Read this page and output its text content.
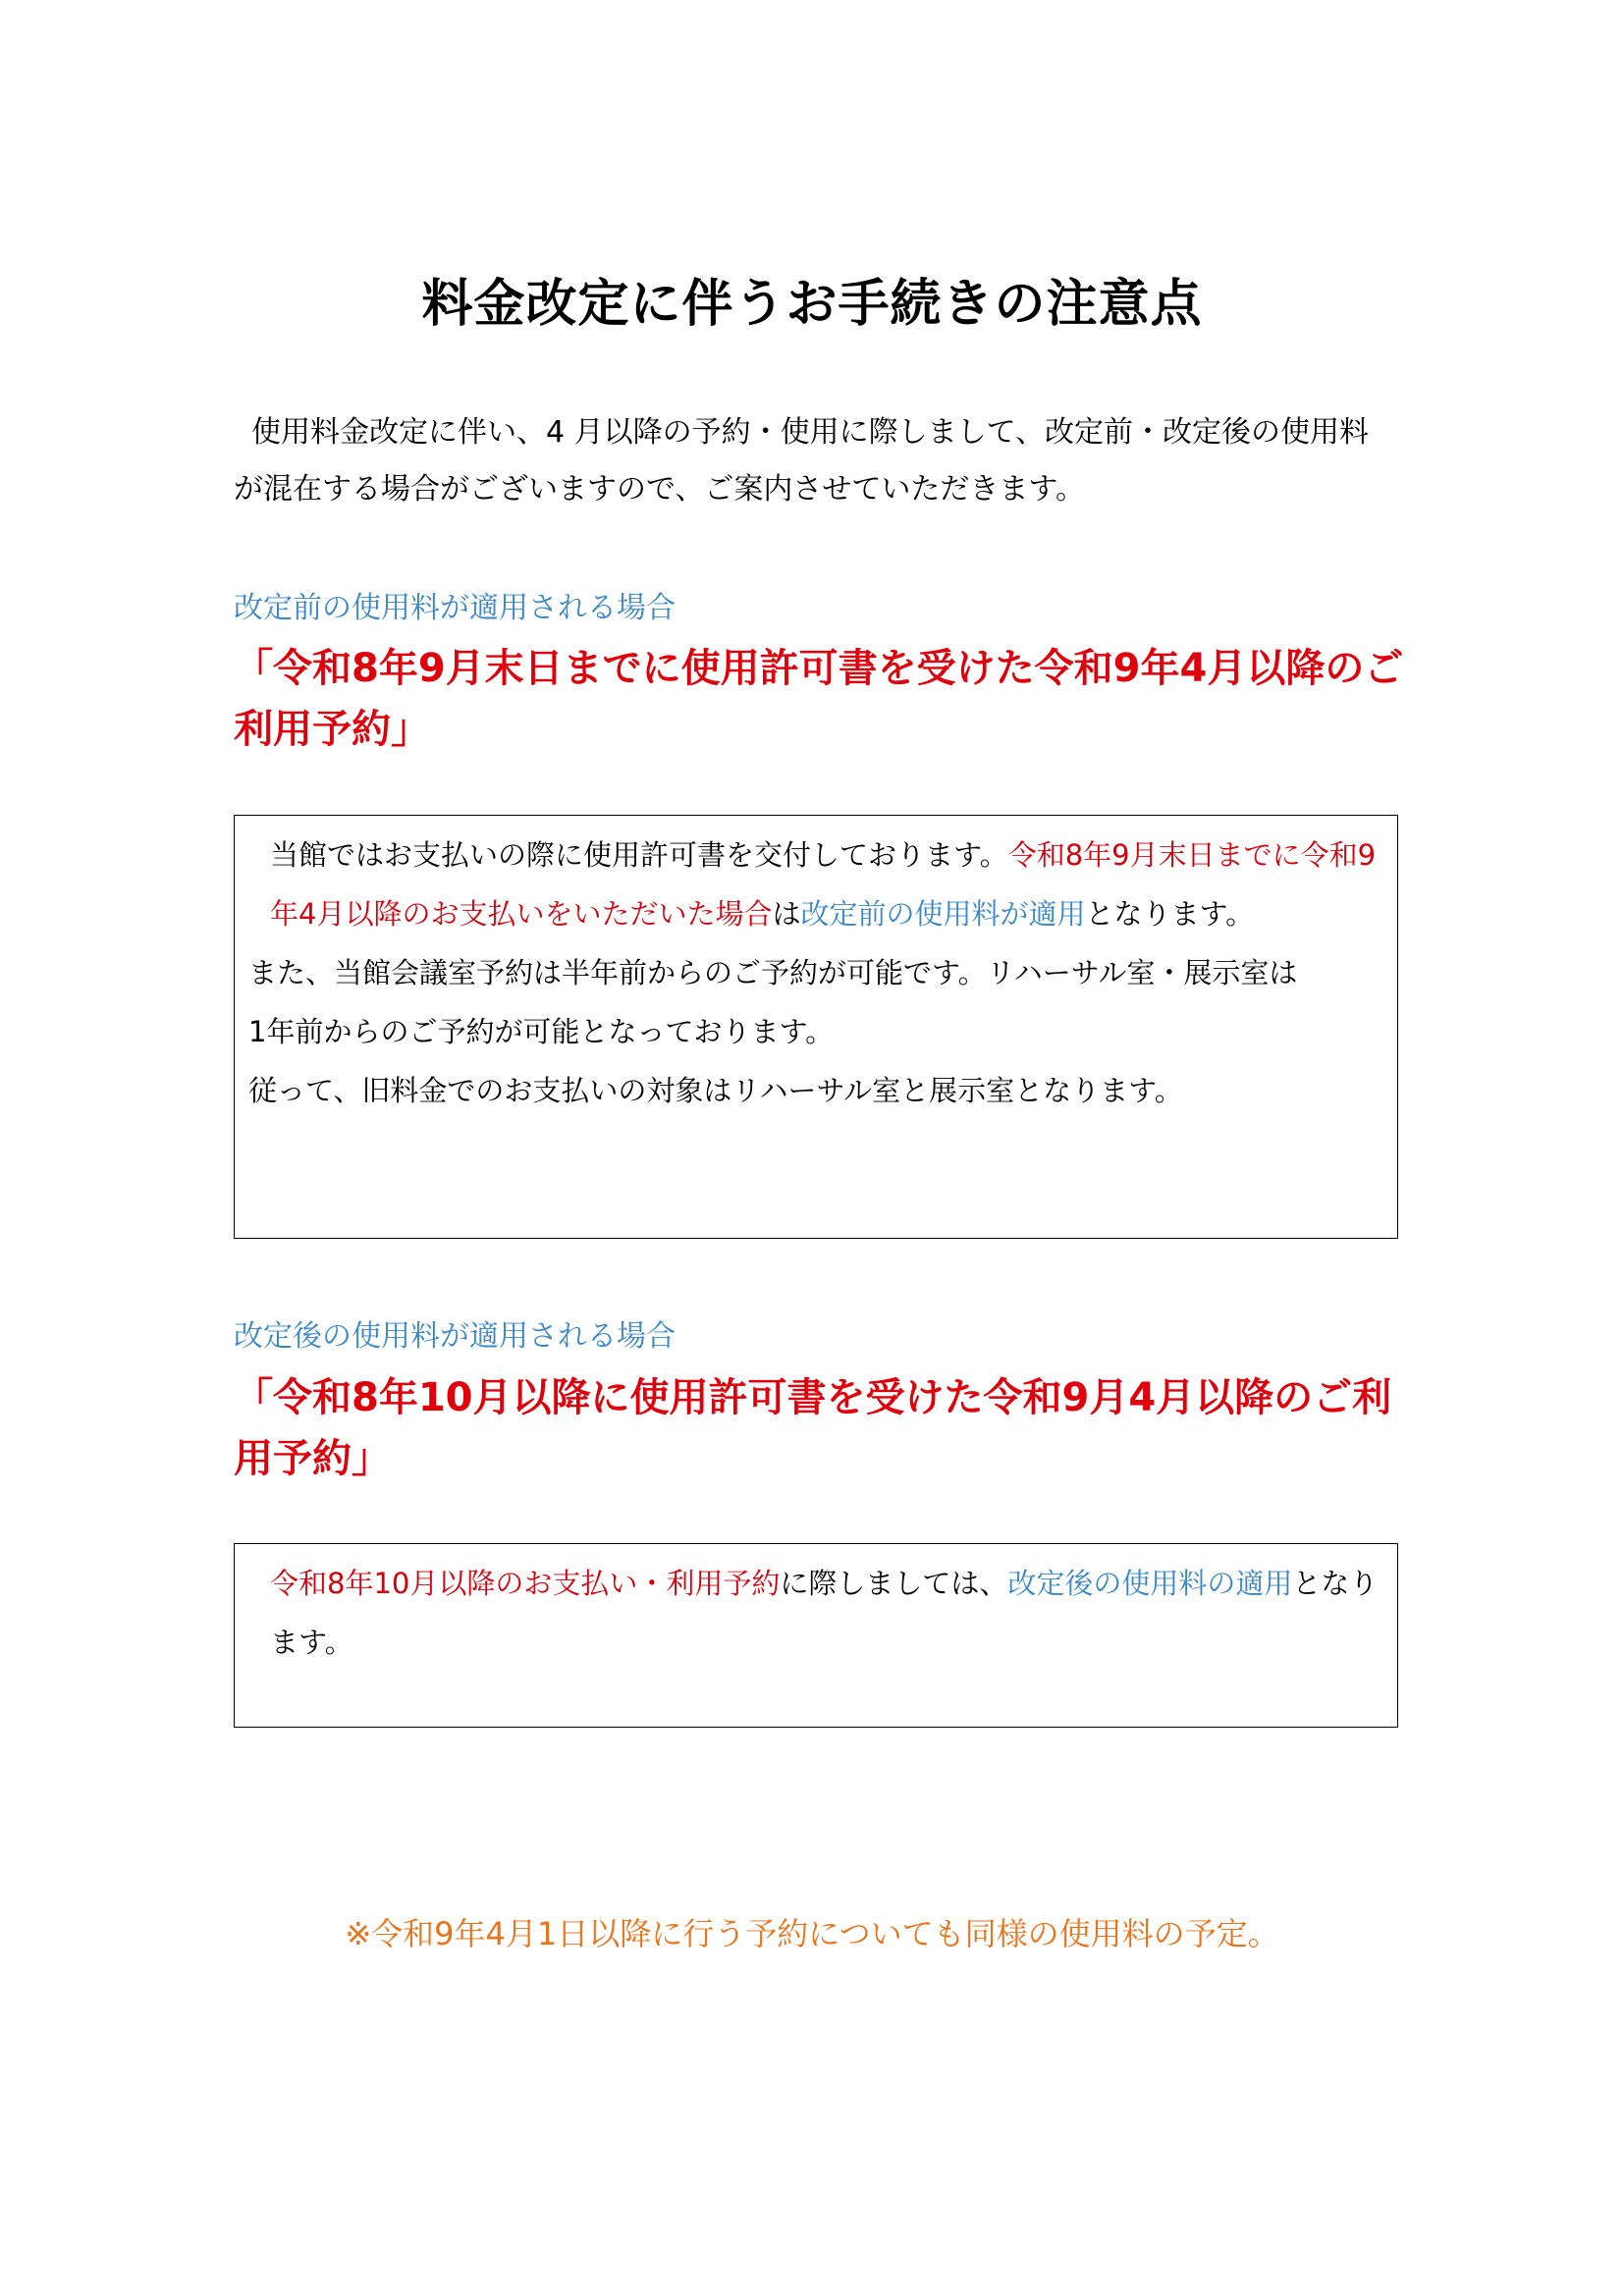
料金改定に伴うお手続きの注意点
使用料金改定に伴い、4 月以降の予約・使用に際しまして、改定前・改定後の使用料
が混在する場合がございますので、ご案内させていただきます。

改定前の使用料が適用される場合

「令和8年9月末日までに使用許可書を受けた令和9年4月以降のご利用予約」

当館ではお支払いの際に使用許可書を交付しております。令和8年9月末日までに令和9年4月以降のお支払いをいただいた場合は改定前の使用料が適用となります。

また、当館会議室予約は半年前からのご予約が可能です。リハーサル室・展示室は

1年前からのご予約が可能となっております。

従って、旧料金でのお支払いの対象はリハーサル室と展示室となります。

改定後の使用料が適用される場合

「令和8年10月以降に使用許可書を受けた令和9月4月以降のご利用予約」

令和8年10月以降のお支払い・利用予約に際しましては、改定後の使用料の適用となります。

※令和9年4月1日以降に行う予約についても同様の使用料の予定。
